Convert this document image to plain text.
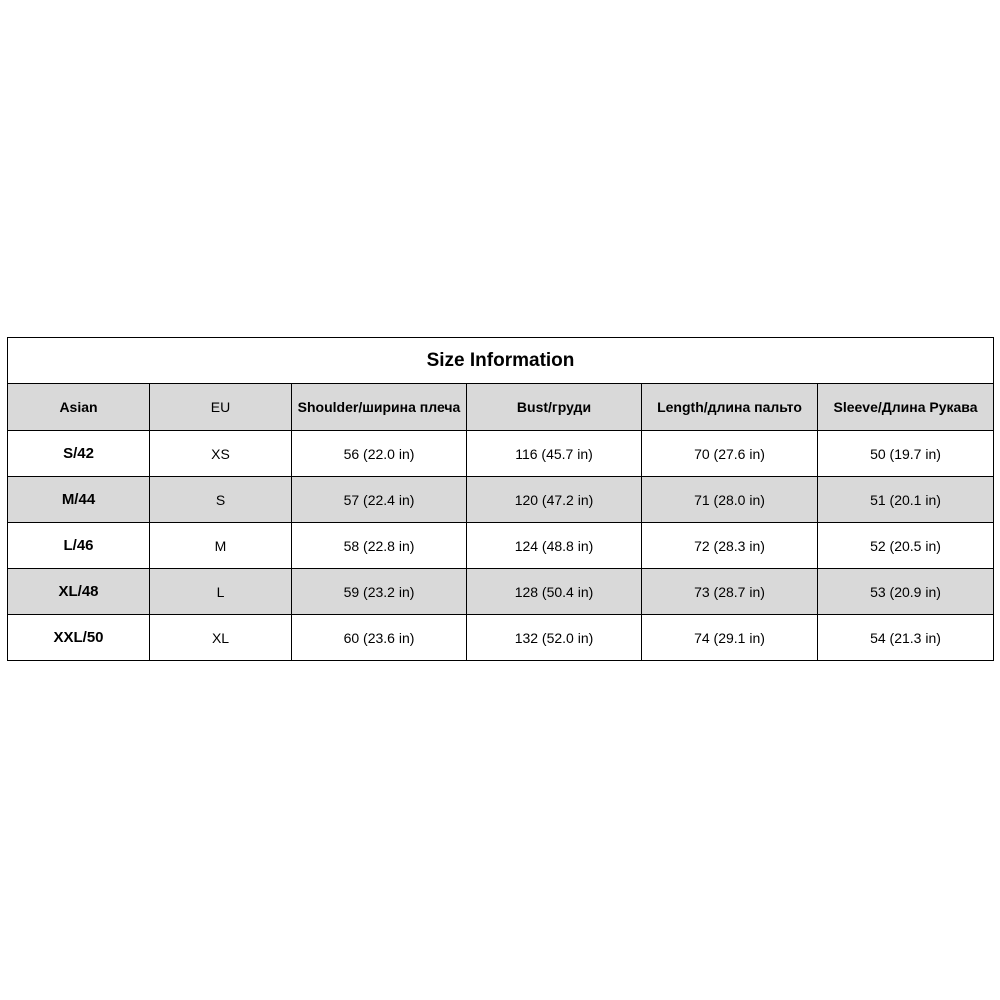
Size Information					
Asian	EU	Shoulder/ширина плеча	Bust/груди	Length/длина пальто	Sleeve/Длина Рукава
S/42	XS	56 (22.0 in)	116 (45.7 in)	70 (27.6 in)	50 (19.7 in)
M/44	S	57 (22.4 in)	120 (47.2 in)	71 (28.0 in)	51 (20.1 in)
L/46	M	58 (22.8 in)	124 (48.8 in)	72 (28.3 in)	52 (20.5 in)
XL/48	L	59 (23.2 in)	128 (50.4 in)	73 (28.7 in)	53 (20.9 in)
XXL/50	XL	60 (23.6 in)	132 (52.0 in)	74 (29.1 in)	54 (21.3 in)
